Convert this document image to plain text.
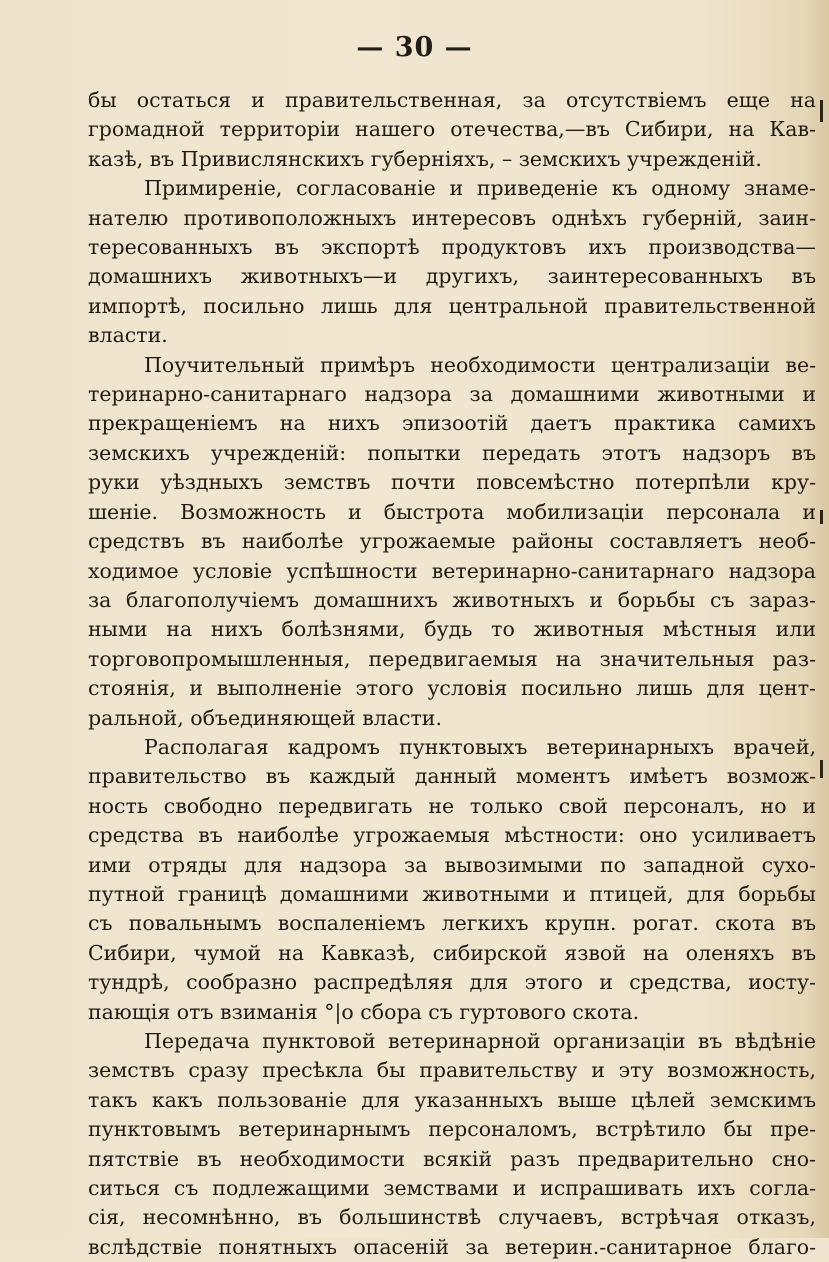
— 30 —
бы остаться и правительственная, за отсутствіемъ еще на
громадной территоріи нашего отечества,—въ Сибири, на Кав-
казѣ, въ Привислянскихъ губерніяхъ, – земскихъ учрежденій.
Примиреніе, согласованіе и приведеніе къ одному знаме-
нателю противоположныхъ интересовъ однѣхъ губерній, заин-
тересованныхъ въ экспортѣ продуктовъ ихъ производства—
домашнихъ животныхъ—и другихъ, заинтересованныхъ въ
импортѣ, посильно лишь для центральной правительственной
власти.
Поучительный примѣръ необходимости централизаціи ве-
теринарно-санитарнаго надзора за домашними животными и
прекращеніемъ на нихъ эпизоотій даетъ практика самихъ
земскихъ учрежденій: попытки передать этотъ надзоръ въ
руки уѣздныхъ земствъ почти повсемѣстно потерпѣли кру-
шеніе. Возможность и быстрота мобилизаціи персонала и
средствъ въ наиболѣе угрожаемые районы составляетъ необ-
ходимое условіе успѣшности ветеринарно-санитарнаго надзора
за благополучіемъ домашнихъ животныхъ и борьбы съ зараз-
ными на нихъ болѣзнями, будь то животныя мѣстныя или
торговопромышленныя, передвигаемыя на значительныя раз-
стоянія, и выполненіе этого условія посильно лишь для цент-
ральной, объединяющей власти.
Располагая кадромъ пунктовыхъ ветеринарныхъ врачей,
правительство въ каждый данный моментъ имѣетъ возмож-
ность свободно передвигать не только свой персоналъ, но и
средства въ наиболѣе угрожаемыя мѣстности: оно усиливаетъ
ими отряды для надзора за вывозимыми по западной сухо-
путной границѣ домашними животными и птицей, для борьбы
съ повальнымъ воспаленіемъ легкихъ крупн. рогат. скота въ
Сибири, чумой на Кавказѣ, сибирской язвой на оленяхъ въ
тундрѣ, сообразно распредѣляя для этого и средства, иосту-
пающія отъ взиманія °|о сбора съ гуртового скота.
Передача пунктовой ветеринарной организаціи въ вѣдѣніе
земствъ сразу пресѣкла бы правительству и эту возможность,
такъ какъ пользованіе для указанныхъ выше цѣлей земскимъ
пунктовымъ ветеринарнымъ персоналомъ, встрѣтило бы пре-
пятствіе въ необходимости всякій разъ предварительно сно-
ситься съ подлежащими земствами и испрашивать ихъ согла-
сія, несомнѣнно, въ большинствѣ случаевъ, встрѣчая отказъ,
вслѣдствіе понятныхъ опасеній за ветерин.-санитарное благо-
